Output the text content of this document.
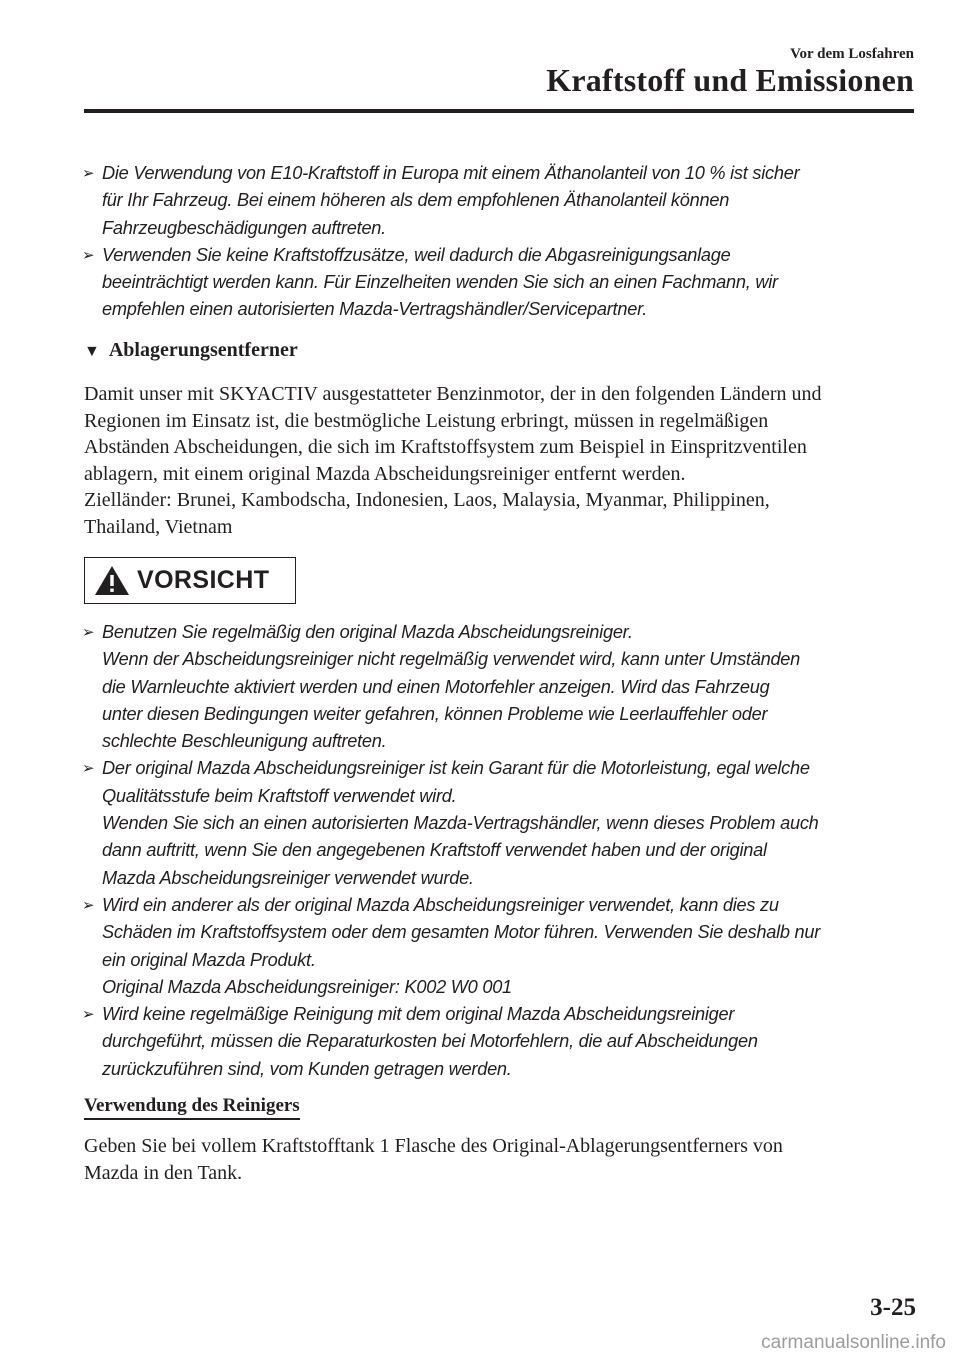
Vor dem Losfahren
Kraftstoff und Emissionen
➢ Die Verwendung von E10-Kraftstoff in Europa mit einem Äthanolanteil von 10 % ist sicher
für Ihr Fahrzeug. Bei einem höheren als dem empfohlenen Äthanolanteil können
Fahrzeugbeschädigungen auftreten.
➢ Verwenden Sie keine Kraftstoffzusätze, weil dadurch die Abgasreinigungsanlage
beeinträchtigt werden kann. Für Einzelheiten wenden Sie sich an einen Fachmann, wir
empfehlen einen autorisierten Mazda-Vertragshändler/Servicepartner.
▼ Ablagerungsentferner
Damit unser mit SKYACTIV ausgestatteter Benzinmotor, der in den folgenden Ländern und
Regionen im Einsatz ist, die bestmögliche Leistung erbringt, müssen in regelmäßigen
Abständen Abscheidungen, die sich im Kraftstoffsystem zum Beispiel in Einspritzventilen
ablagern, mit einem original Mazda Abscheidungsreiniger entfernt werden.
Zielländer: Brunei, Kambodscha, Indonesien, Laos, Malaysia, Myanmar, Philippinen,
Thailand, Vietnam
VORSICHT
➢ Benutzen Sie regelmäßig den original Mazda Abscheidungsreiniger.
Wenn der Abscheidungsreiniger nicht regelmäßig verwendet wird, kann unter Umständen
die Warnleuchte aktiviert werden und einen Motorfehler anzeigen. Wird das Fahrzeug
unter diesen Bedingungen weiter gefahren, können Probleme wie Leerlauffehler oder
schlechte Beschleunigung auftreten.
➢ Der original Mazda Abscheidungsreiniger ist kein Garant für die Motorleistung, egal welche
Qualitätsstufe beim Kraftstoff verwendet wird.
Wenden Sie sich an einen autorisierten Mazda-Vertragshändler, wenn dieses Problem auch
dann auftritt, wenn Sie den angegebenen Kraftstoff verwendet haben und der original
Mazda Abscheidungsreiniger verwendet wurde.
➢ Wird ein anderer als der original Mazda Abscheidungsreiniger verwendet, kann dies zu
Schäden im Kraftstoffsystem oder dem gesamten Motor führen. Verwenden Sie deshalb nur
ein original Mazda Produkt.
Original Mazda Abscheidungsreiniger: K002 W0 001
➢ Wird keine regelmäßige Reinigung mit dem original Mazda Abscheidungsreiniger
durchgeführt, müssen die Reparaturkosten bei Motorfehlern, die auf Abscheidungen
zurückzuführen sind, vom Kunden getragen werden.
Verwendung des Reinigers
Geben Sie bei vollem Kraftstofftank 1 Flasche des Original-Ablagerungsentferners von
Mazda in den Tank.
3-25
carmanualsonline.info
